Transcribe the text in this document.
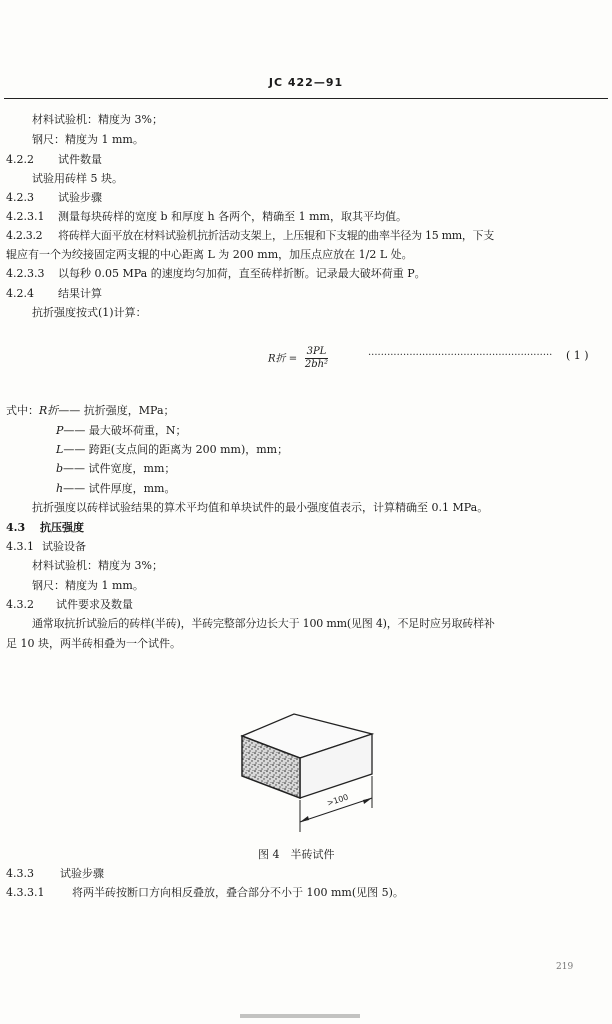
JC 422—91
材料试验机：精度为 3%；
钢尺：精度为 1 mm。
4.2.2 试件数量
试验用砖样 5 块。
4.2.3 试验步骤
4.2.3.1 测量每块砖样的宽度 b 和厚度 h 各两个，精确至 1 mm，取其平均值。
4.2.3.2 将砖样大面平放在材料试验机抗折活动支架上，上压辊和下支辊的曲率半径为 15 mm，下支
辊应有一个为绞接固定两支辊的中心距离 L 为 200 mm，加压点应放在 1/2 L 处。
4.2.3.3 以每秒 0.05 MPa 的速度均匀加荷，直至砖样折断。记录最大破坏荷重 P。
4.2.4 结果计算
抗折强度按式(1)计算：
R折 = $\frac{3PL}{\text{2bh²}}$	·························································· ( 1 )
式中：R折—— 抗折强度，MPa；
P—— 最大破坏荷重，N；
L—— 跨距(支点间的距离为 200 mm)，mm；
b—— 试件宽度，mm；
h—— 试件厚度，mm。
抗折强度以砖样试验结果的算术平均值和单块试件的最小强度值表示，计算精确至 0.1 MPa。
4.3 抗压强度
4.3.1 试验设备
材料试验机：精度为 3%；
钢尺：精度为 1 mm。
4.3.2 试件要求及数量
通常取抗折试验后的砖样(半砖)，半砖完整部分边长大于 100 mm(见图 4)，不足时应另取砖样补
足 10 块，两半砖相叠为一个试件。
>100
图 4　半砖试件
4.3.3 试验步骤
4.3.3.1	将两半砖按断口方向相反叠放，叠合部分不小于 100 mm(见图 5)。
219
